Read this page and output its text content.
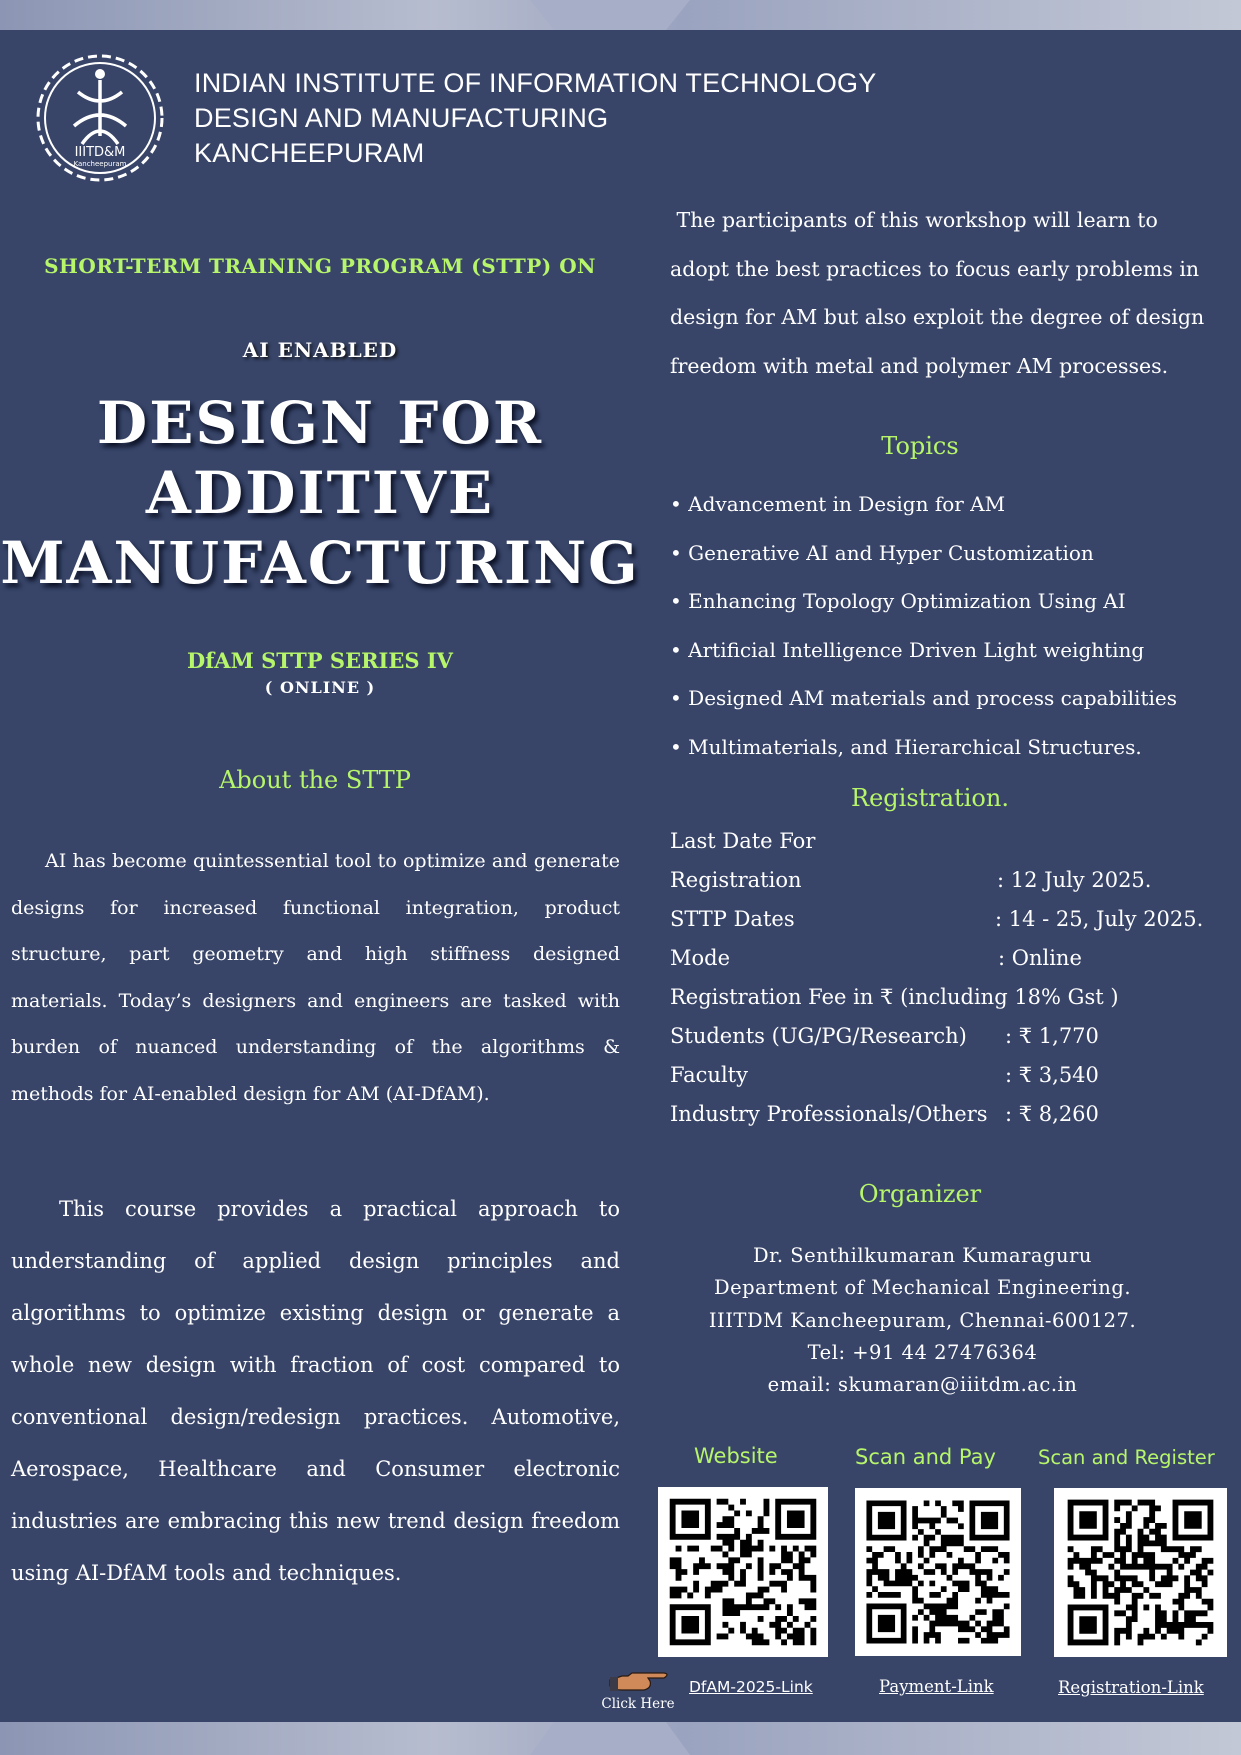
IIITD&M
Kancheepuram
INDIAN INSTITUTE OF INFORMATION TECHNOLOGY
DESIGN AND MANUFACTURING
KANCHEEPURAM
SHORT-TERM TRAINING PROGRAM (STTP) ON
AI ENABLED
DESIGN FOR
ADDITIVE
MANUFACTURING
DfAM STTP SERIES IV
( ONLINE )
About the STTP
AI has become quintessential tool to optimize and generate designs for increased functional integration, product structure, part geometry and high stiffness designed materials. Today’s designers and engineers are tasked with burden of nuanced understanding of the algorithms & methods for AI-enabled design for AM (AI-DfAM).
This course provides a practical approach to understanding of applied design principles and algorithms to optimize existing design or generate a whole new design with fraction of cost compared to conventional design/redesign practices. Automotive, Aerospace, Healthcare and Consumer electronic industries are embracing this new trend design freedom using AI-DfAM tools and techniques.
The participants of this workshop will learn to adopt the best practices to focus early problems in design for AM but also exploit the degree of design freedom with metal and polymer AM processes.
Topics
• Advancement in Design for AM
• Generative AI and Hyper Customization
• Enhancing Topology Optimization Using AI
• Artificial Intelligence Driven Light weighting
• Designed AM materials and process capabilities
• Multimaterials, and Hierarchical Structures.
Registration.
Last Date For
Registration	: 12 July 2025.
STTP Dates	: 14 - 25, July 2025.
Mode	: Online
Registration Fee in ₹ (including 18% Gst )
Students (UG/PG/Research) : ₹ 1,770
Faculty	: ₹ 3,540
Industry Professionals/Others : ₹ 8,260
Organizer
Dr. Senthilkumaran Kumaraguru
Department of Mechanical Engineering.
IIITDM Kancheepuram, Chennai-600127.
Tel: +91 44 27476364
email: skumaran@iiitdm.ac.in
Website	Scan and Pay Scan and Register
Click Here
DfAM-2025-Link	Payment-Link	Registration-Link
